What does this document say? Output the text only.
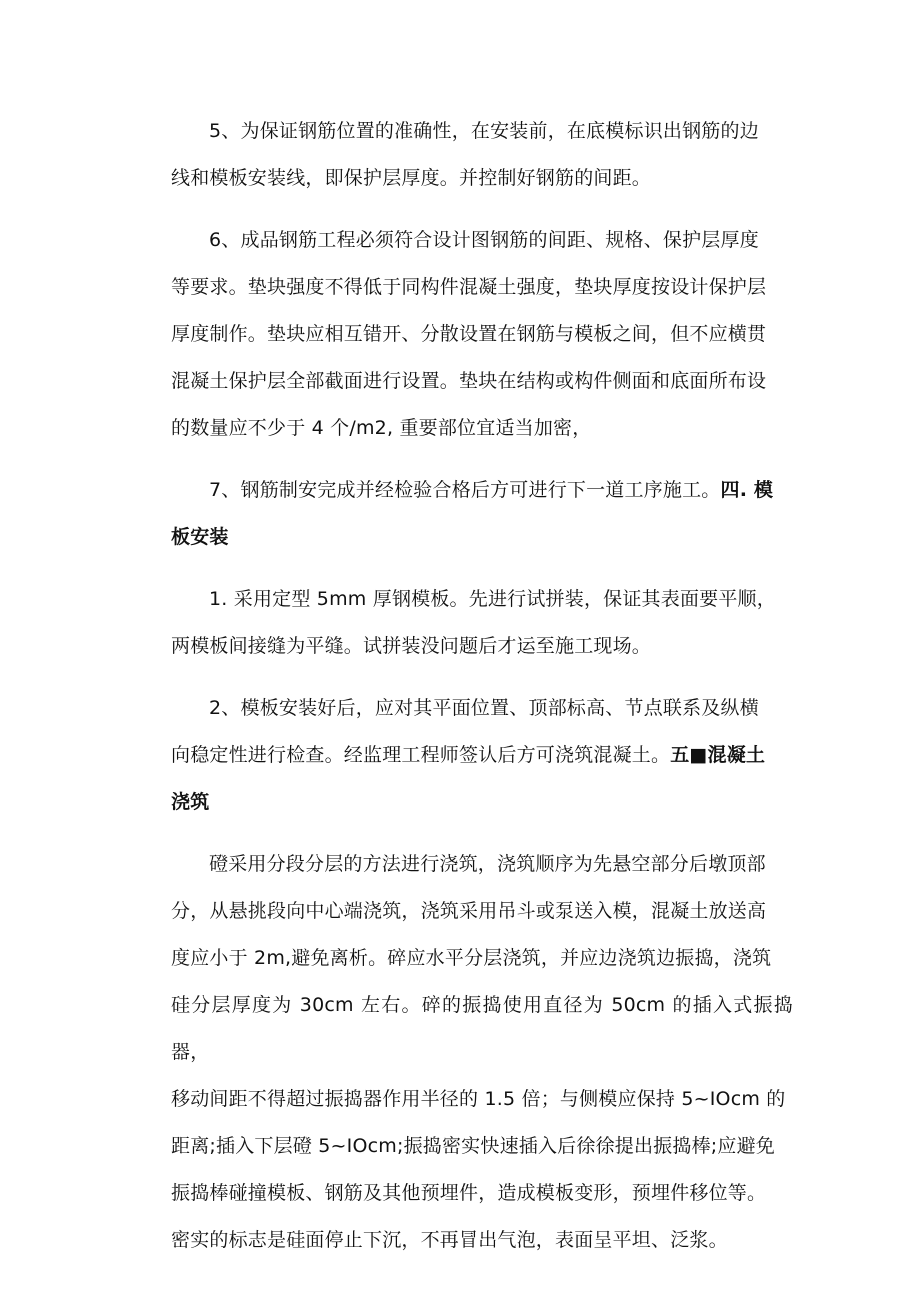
5、为保证钢筋位置的准确性，在安装前，在底模标识出钢筋的边
线和模板安装线，即保护层厚度。并控制好钢筋的间距。

6、成品钢筋工程必须符合设计图钢筋的间距、规格、保护层厚度
等要求。垫块强度不得低于同构件混凝土强度，垫块厚度按设计保护层
厚度制作。垫块应相互错开、分散设置在钢筋与模板之间，但不应横贯
混凝土保护层全部截面进行设置。垫块在结构或构件侧面和底面所布设
的数量应不少于 4 个/m2, 重要部位宜适当加密，

7、钢筋制安完成并经检验合格后方可进行下一道工序施工。四. 模
板安装

1. 采用定型 5mm 厚钢模板。先进行试拼装，保证其表面要平顺，
两模板间接缝为平缝。试拼装没问题后才运至施工现场。

2、模板安装好后，应对其平面位置、顶部标高、节点联系及纵横
向稳定性进行检查。经监理工程师签认后方可浇筑混凝土。五■混凝土
浇筑

磴采用分段分层的方法进行浇筑，浇筑顺序为先悬空部分后墩顶部
分，从悬挑段向中心端浇筑，浇筑采用吊斗或泵送入模，混凝土放送高
度应小于 2m,避免离析。碎应水平分层浇筑，并应边浇筑边振捣，浇筑
硅分层厚度为 30cm 左右。碎的振捣使用直径为 50cm 的插入式振捣器，
移动间距不得超过振捣器作用半径的 1.5 倍；与侧模应保持 5~IOcm 的
距离;插入下层磴 5~IOcm;振捣密实快速插入后徐徐提出振捣棒;应避免
振捣棒碰撞模板、钢筋及其他预埋件，造成模板变形，预埋件移位等。
密实的标志是硅面停止下沉，不再冒出气泡，表面呈平坦、泛浆。
